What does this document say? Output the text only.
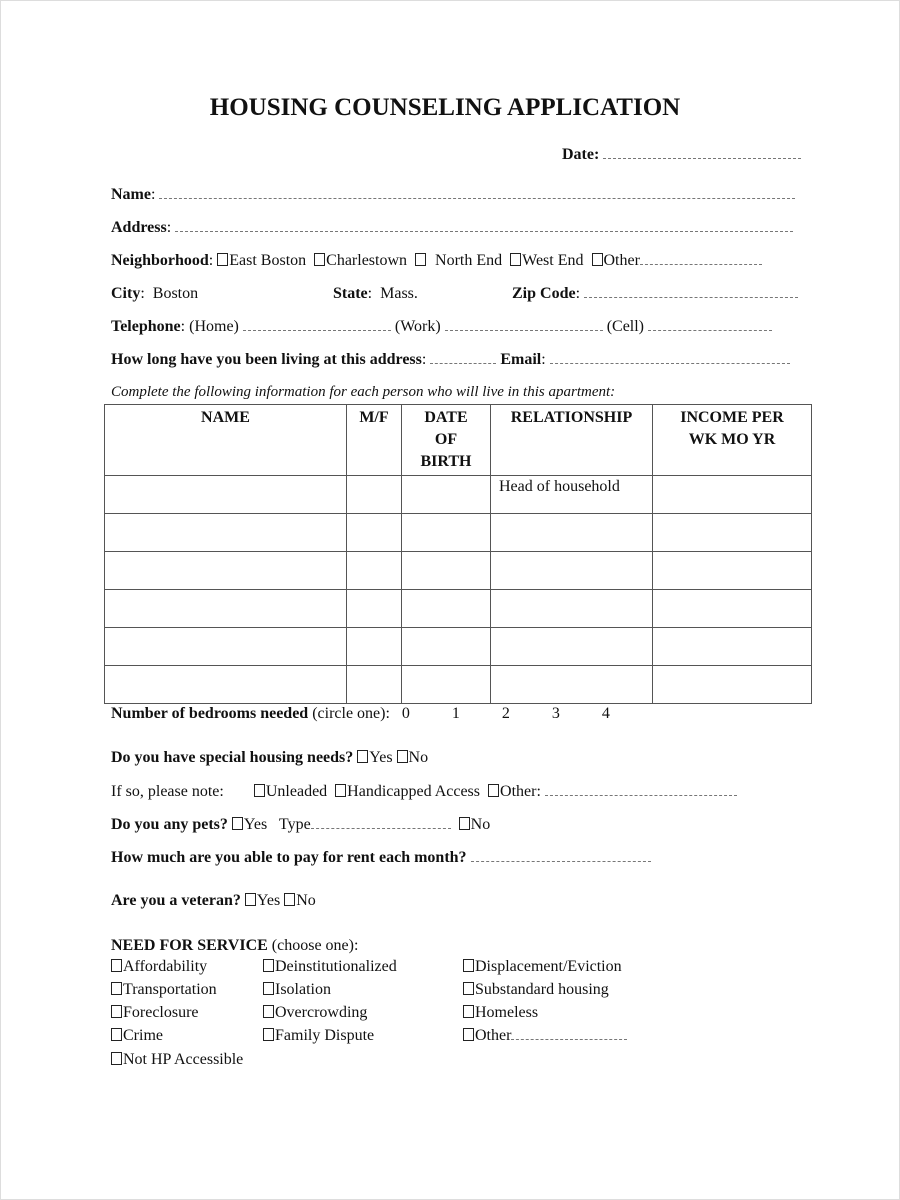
HOUSING COUNSELING APPLICATION
Date:
Name:
Address:
Neighborhood: East Boston Charlestown North End West End Other
City:  Boston	State:  Mass.	Zip Code:
Telephone: (Home)	(Work)	(Cell)
How long have you been living at this address:	Email:
Complete the following information for each person who will live in this apartment:
NAME	M/F	DATE OF BIRTH	RELATIONSHIP	INCOME PER WK MO YR
			Head of household	

Number of bedrooms needed (circle one): 0	1	2	3	4
Do you have special housing needs? Yes No
If so, please note:	Unleaded Handicapped Access Other:
Do you any pets? Yes Type	No
How much are you able to pay for rent each month?
Are you a veteran? Yes No
NEED FOR SERVICE (choose one):
Affordability
Transportation
Foreclosure
Crime
Not HP Accessible
Deinstitutionalized
Isolation
Overcrowding
Family Dispute
Displacement/Eviction
Substandard housing
Homeless
Other
